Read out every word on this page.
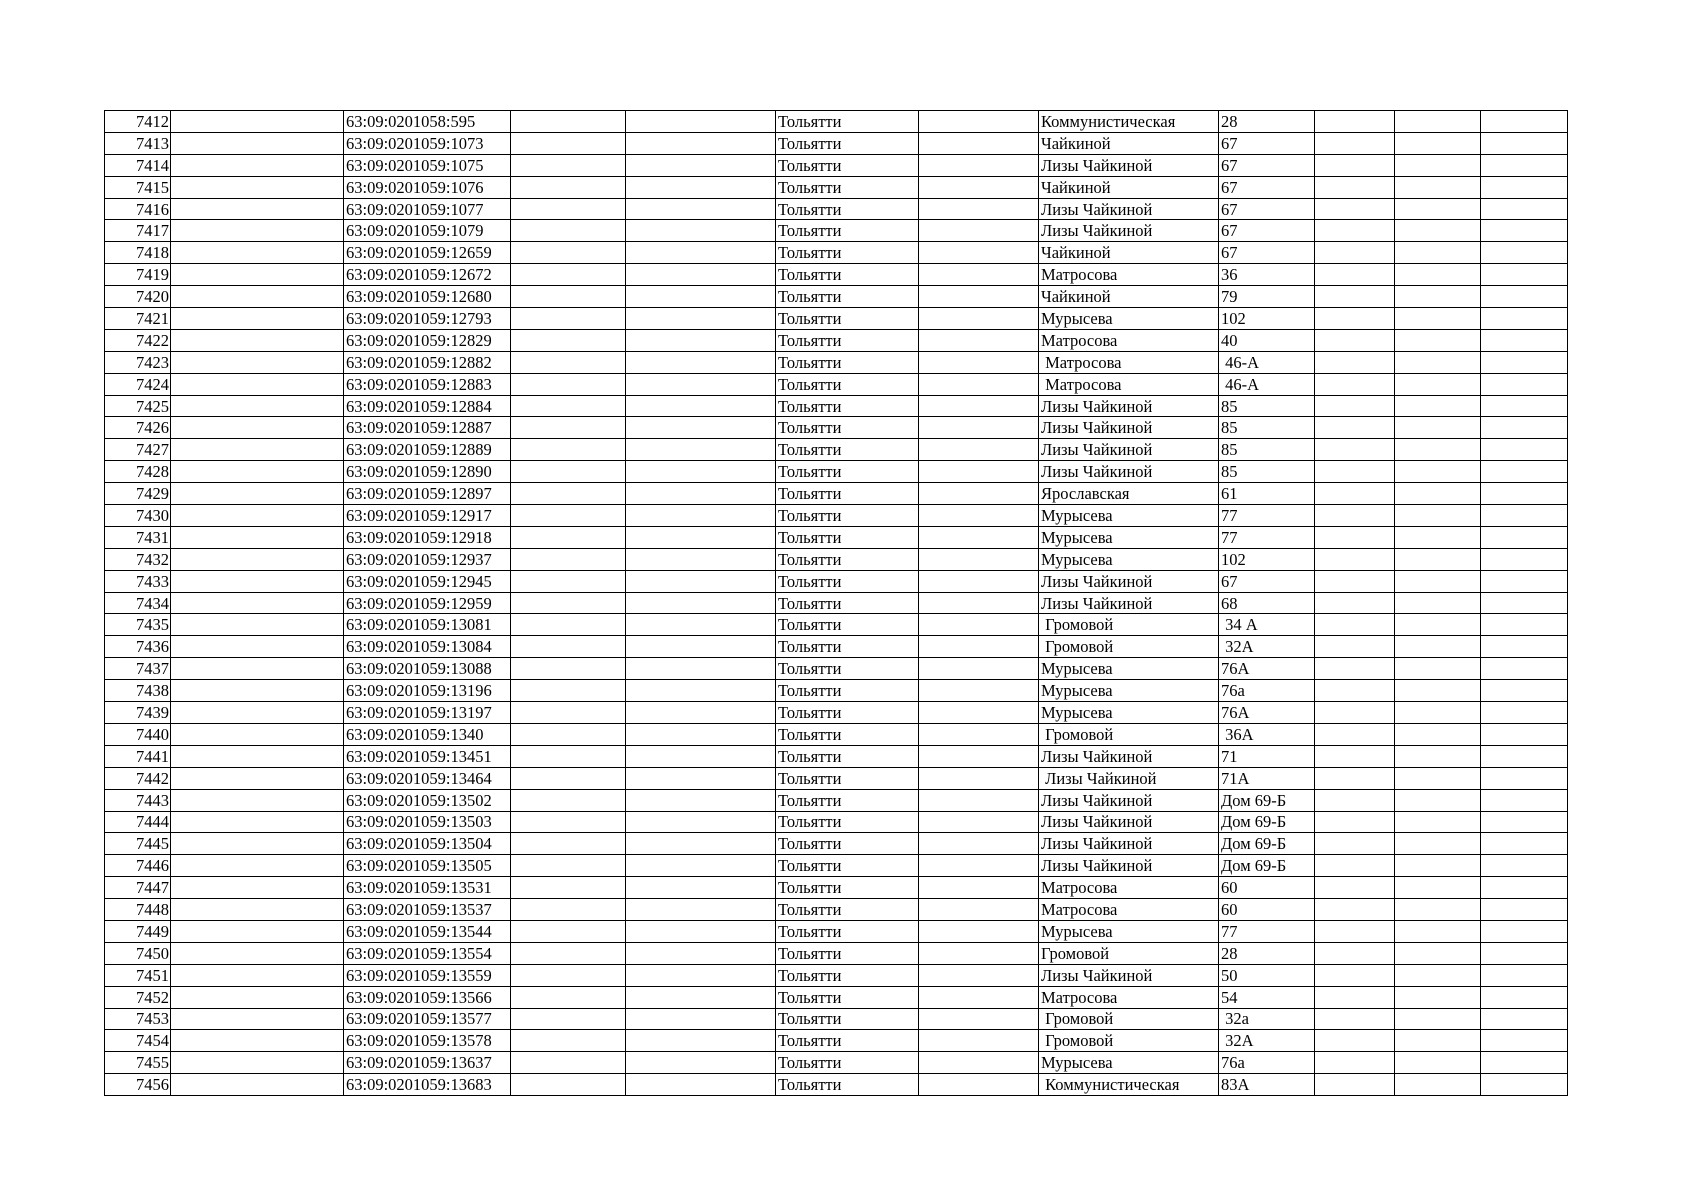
7412		63:09:0201058:595			Тольятти		Коммунистическая	28			
7413		63:09:0201059:1073			Тольятти		Чайкиной	67			
7414		63:09:0201059:1075			Тольятти		Лизы Чайкиной	67			
7415		63:09:0201059:1076			Тольятти		Чайкиной	67			
7416		63:09:0201059:1077			Тольятти		Лизы Чайкиной	67			
7417		63:09:0201059:1079			Тольятти		Лизы Чайкиной	67			
7418		63:09:0201059:12659			Тольятти		Чайкиной	67			
7419		63:09:0201059:12672			Тольятти		Матросова	36			
7420		63:09:0201059:12680			Тольятти		Чайкиной	79			
7421		63:09:0201059:12793			Тольятти		Мурысева	102			
7422		63:09:0201059:12829			Тольятти		Матросова	40			
7423		63:09:0201059:12882			Тольятти		Матросова	46-А			
7424		63:09:0201059:12883			Тольятти		Матросова	46-А			
7425		63:09:0201059:12884			Тольятти		Лизы Чайкиной	85			
7426		63:09:0201059:12887			Тольятти		Лизы Чайкиной	85			
7427		63:09:0201059:12889			Тольятти		Лизы Чайкиной	85			
7428		63:09:0201059:12890			Тольятти		Лизы Чайкиной	85			
7429		63:09:0201059:12897			Тольятти		Ярославская	61			
7430		63:09:0201059:12917			Тольятти		Мурысева	77			
7431		63:09:0201059:12918			Тольятти		Мурысева	77			
7432		63:09:0201059:12937			Тольятти		Мурысева	102			
7433		63:09:0201059:12945			Тольятти		Лизы Чайкиной	67			
7434		63:09:0201059:12959			Тольятти		Лизы Чайкиной	68			
7435		63:09:0201059:13081			Тольятти		Громовой	34 А			
7436		63:09:0201059:13084			Тольятти		Громовой	32А			
7437		63:09:0201059:13088			Тольятти		Мурысева	76А			
7438		63:09:0201059:13196			Тольятти		Мурысева	76а			
7439		63:09:0201059:13197			Тольятти		Мурысева	76А			
7440		63:09:0201059:1340			Тольятти		Громовой	36А			
7441		63:09:0201059:13451			Тольятти		Лизы Чайкиной	71			
7442		63:09:0201059:13464			Тольятти		Лизы Чайкиной	71А			
7443		63:09:0201059:13502			Тольятти		Лизы Чайкиной	Дом 69-Б			
7444		63:09:0201059:13503			Тольятти		Лизы Чайкиной	Дом 69-Б			
7445		63:09:0201059:13504			Тольятти		Лизы Чайкиной	Дом 69-Б			
7446		63:09:0201059:13505			Тольятти		Лизы Чайкиной	Дом 69-Б			
7447		63:09:0201059:13531			Тольятти		Матросова	60			
7448		63:09:0201059:13537			Тольятти		Матросова	60			
7449		63:09:0201059:13544			Тольятти		Мурысева	77			
7450		63:09:0201059:13554			Тольятти		Громовой	28			
7451		63:09:0201059:13559			Тольятти		Лизы Чайкиной	50			
7452		63:09:0201059:13566			Тольятти		Матросова	54			
7453		63:09:0201059:13577			Тольятти		Громовой	32а			
7454		63:09:0201059:13578			Тольятти		Громовой	32А			
7455		63:09:0201059:13637			Тольятти		Мурысева	76а			
7456		63:09:0201059:13683			Тольятти		Коммунистическая	83А			
